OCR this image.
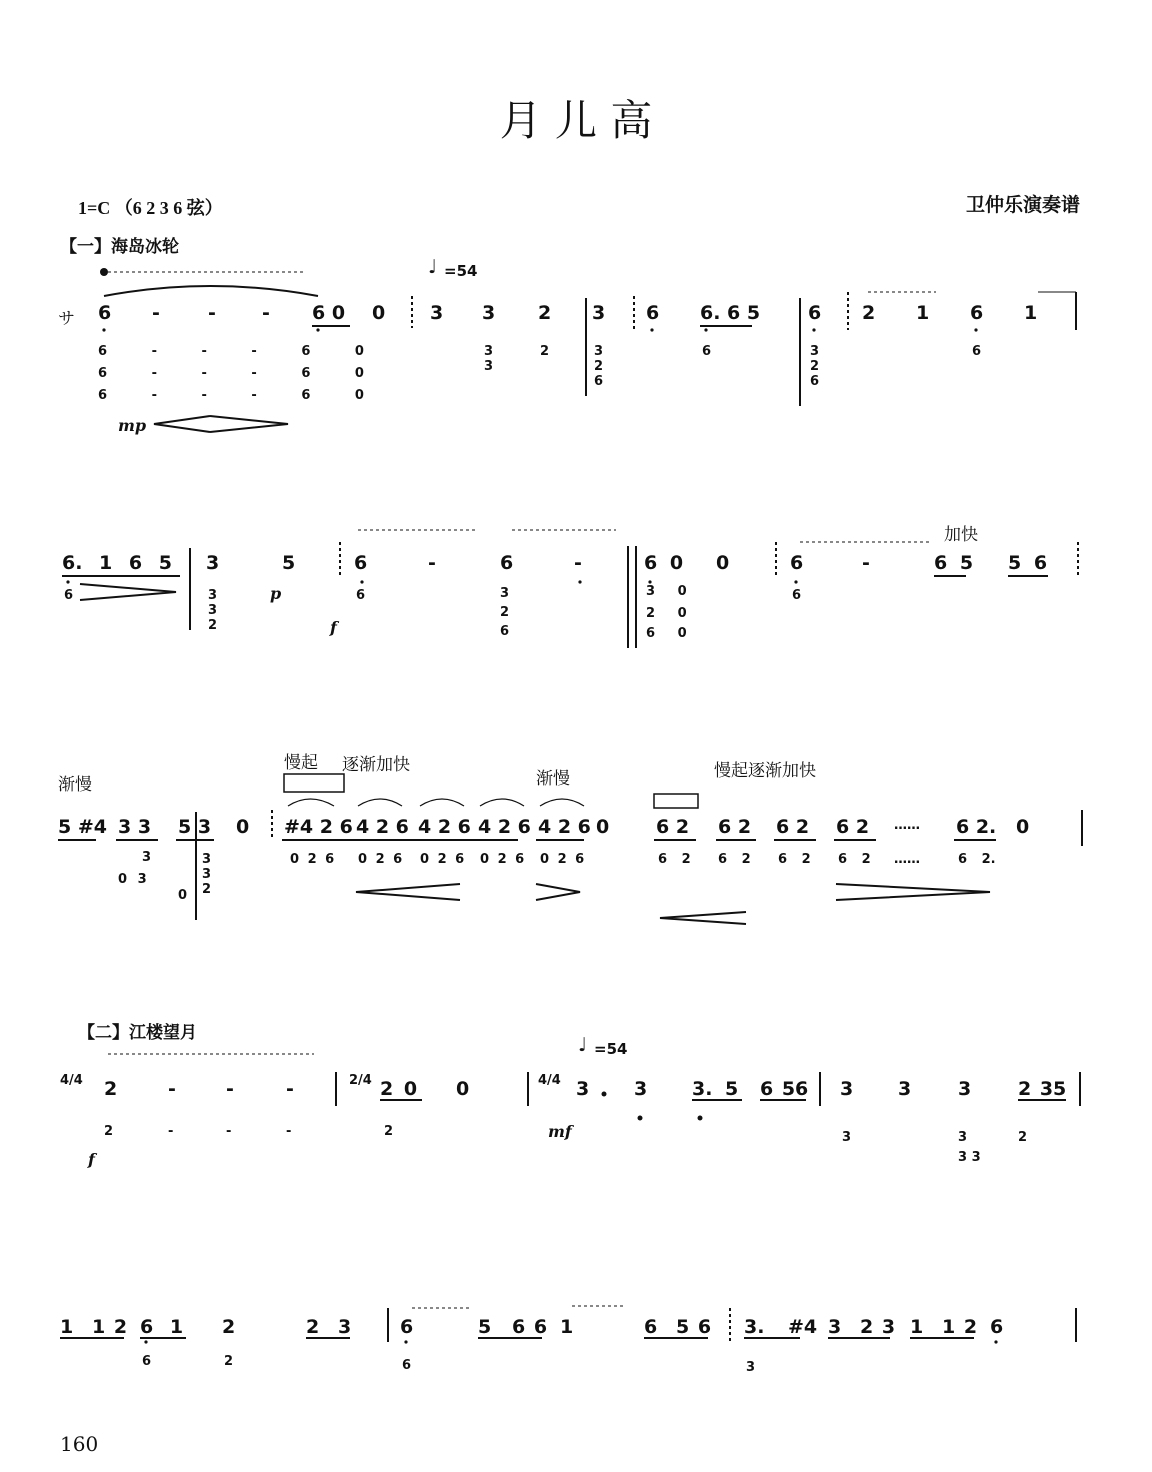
月 儿 高
1=C （6 2 3 6 弦）	卫仲乐演奏谱
【一】海岛冰轮
【二】江楼望月
♩ =54
♩ =54
サ 6 -	- - 6 0 0 3 3 2 3 6 6. 6 5	6 2 1 6 1
6 - - - 6 0
6 - - - 6 0
6 - - - 6 0
3 3
2	3 2 6
6	3 2 6
6
mp
6. 1 6 5 3	5	6	-	6	-	6 0 0	6	-	6 5 5 6
6	3 3 2
6	3 2 6
3 0
2 0
6 0
6
p
f
加快
渐慢
慢起 逐渐加快
渐慢	慢起逐渐加快
5 #4 3 3 5 3 0 #4 2 6 4 2 6 4 2 6 4 2 6 4 2 6 0 6 2 6 2 6 2 6 2 …… 6 2. 0
3
0 3
3 3 2
0
0 2 6 0 2 6 0 2 6 0 2 6 0 2 6	6 2 6 2 6 2 6 2 ……	6 2.
4/4	2/4	4/4
2	-	-	-	2 0 0	3 3 3. 5 6 56 3 3 3 2 35
2	-	-	-	2	3	3
3 3
2
f
mf
1 1 2 6 1 2	2 3	6	5 6 6 1	6 5 6 3. #4 3 2 3 1 1 2 6
6	2	6	3
160
